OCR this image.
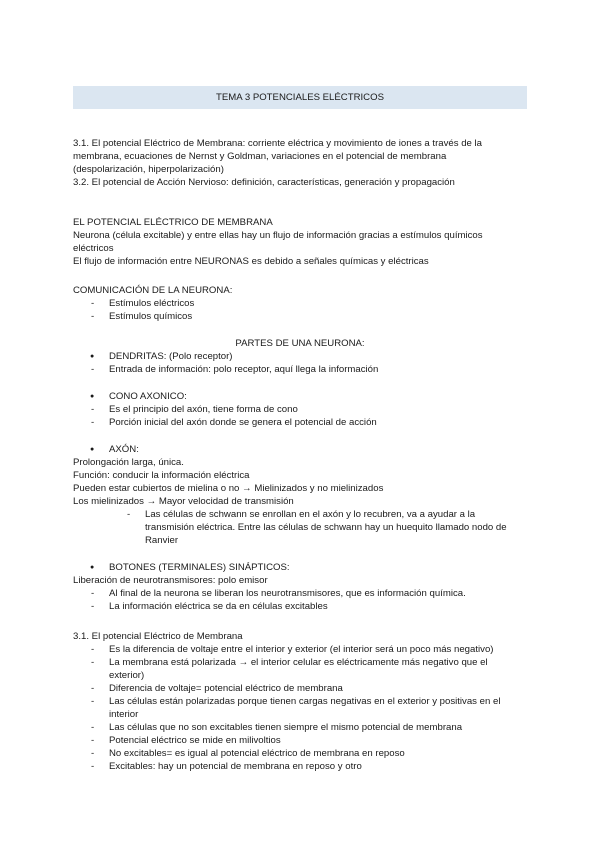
TEMA 3 POTENCIALES ELÉCTRICOS
3.1. El potencial Eléctrico de Membrana: corriente eléctrica y movimiento de iones a través de la
membrana, ecuaciones de Nernst y Goldman, variaciones en el potencial de membrana
(despolarización, hiperpolarización)
3.2. El potencial de Acción Nervioso: definición, características, generación y propagación
EL POTENCIAL ELÉCTRICO DE MEMBRANA
Neurona (célula excitable) y entre ellas hay un flujo de información gracias a estímulos químicos
eléctricos
El flujo de información entre NEURONAS es debido a señales químicas y eléctricas
COMUNICACIÓN DE LA NEURONA:
- Estímulos eléctricos
- Estímulos químicos
PARTES DE UNA NEURONA:
● DENDRITAS: (Polo receptor)
- Entrada de información: polo receptor, aquí llega la información
● CONO AXONICO:
- Es el principio del axón, tiene forma de cono
- Porción inicial del axón donde se genera el potencial de acción
● AXÓN:
Prolongación larga, única.
Función: conducir la información eléctrica
Pueden estar cubiertos de mielina o no → Mielinizados y no mielinizados
Los mielinizados → Mayor velocidad de transmisión
- Las células de schwann se enrollan en el axón y lo recubren, va a ayudar a la
transmisión eléctrica. Entre las células de schwann hay un huequito llamado nodo de
Ranvier
● BOTONES (TERMINALES) SINÁPTICOS:
Liberación de neurotransmisores: polo emisor
- Al final de la neurona se liberan los neurotransmisores, que es información química.
- La información eléctrica se da en células excitables
3.1. El potencial Eléctrico de Membrana
- Es la diferencia de voltaje entre el interior y exterior (el interior será un poco más negativo)
- La membrana está polarizada → el interior celular es eléctricamente más negativo que el
exterior)
- Diferencia de voltaje= potencial eléctrico de membrana
- Las células están polarizadas porque tienen cargas negativas en el exterior y positivas en el
interior
- Las células que no son excitables tienen siempre el mismo potencial de membrana
- Potencial eléctrico se mide en milivoltios
- No excitables= es igual al potencial eléctrico de membrana en reposo
- Excitables: hay un potencial de membrana en reposo y otro
